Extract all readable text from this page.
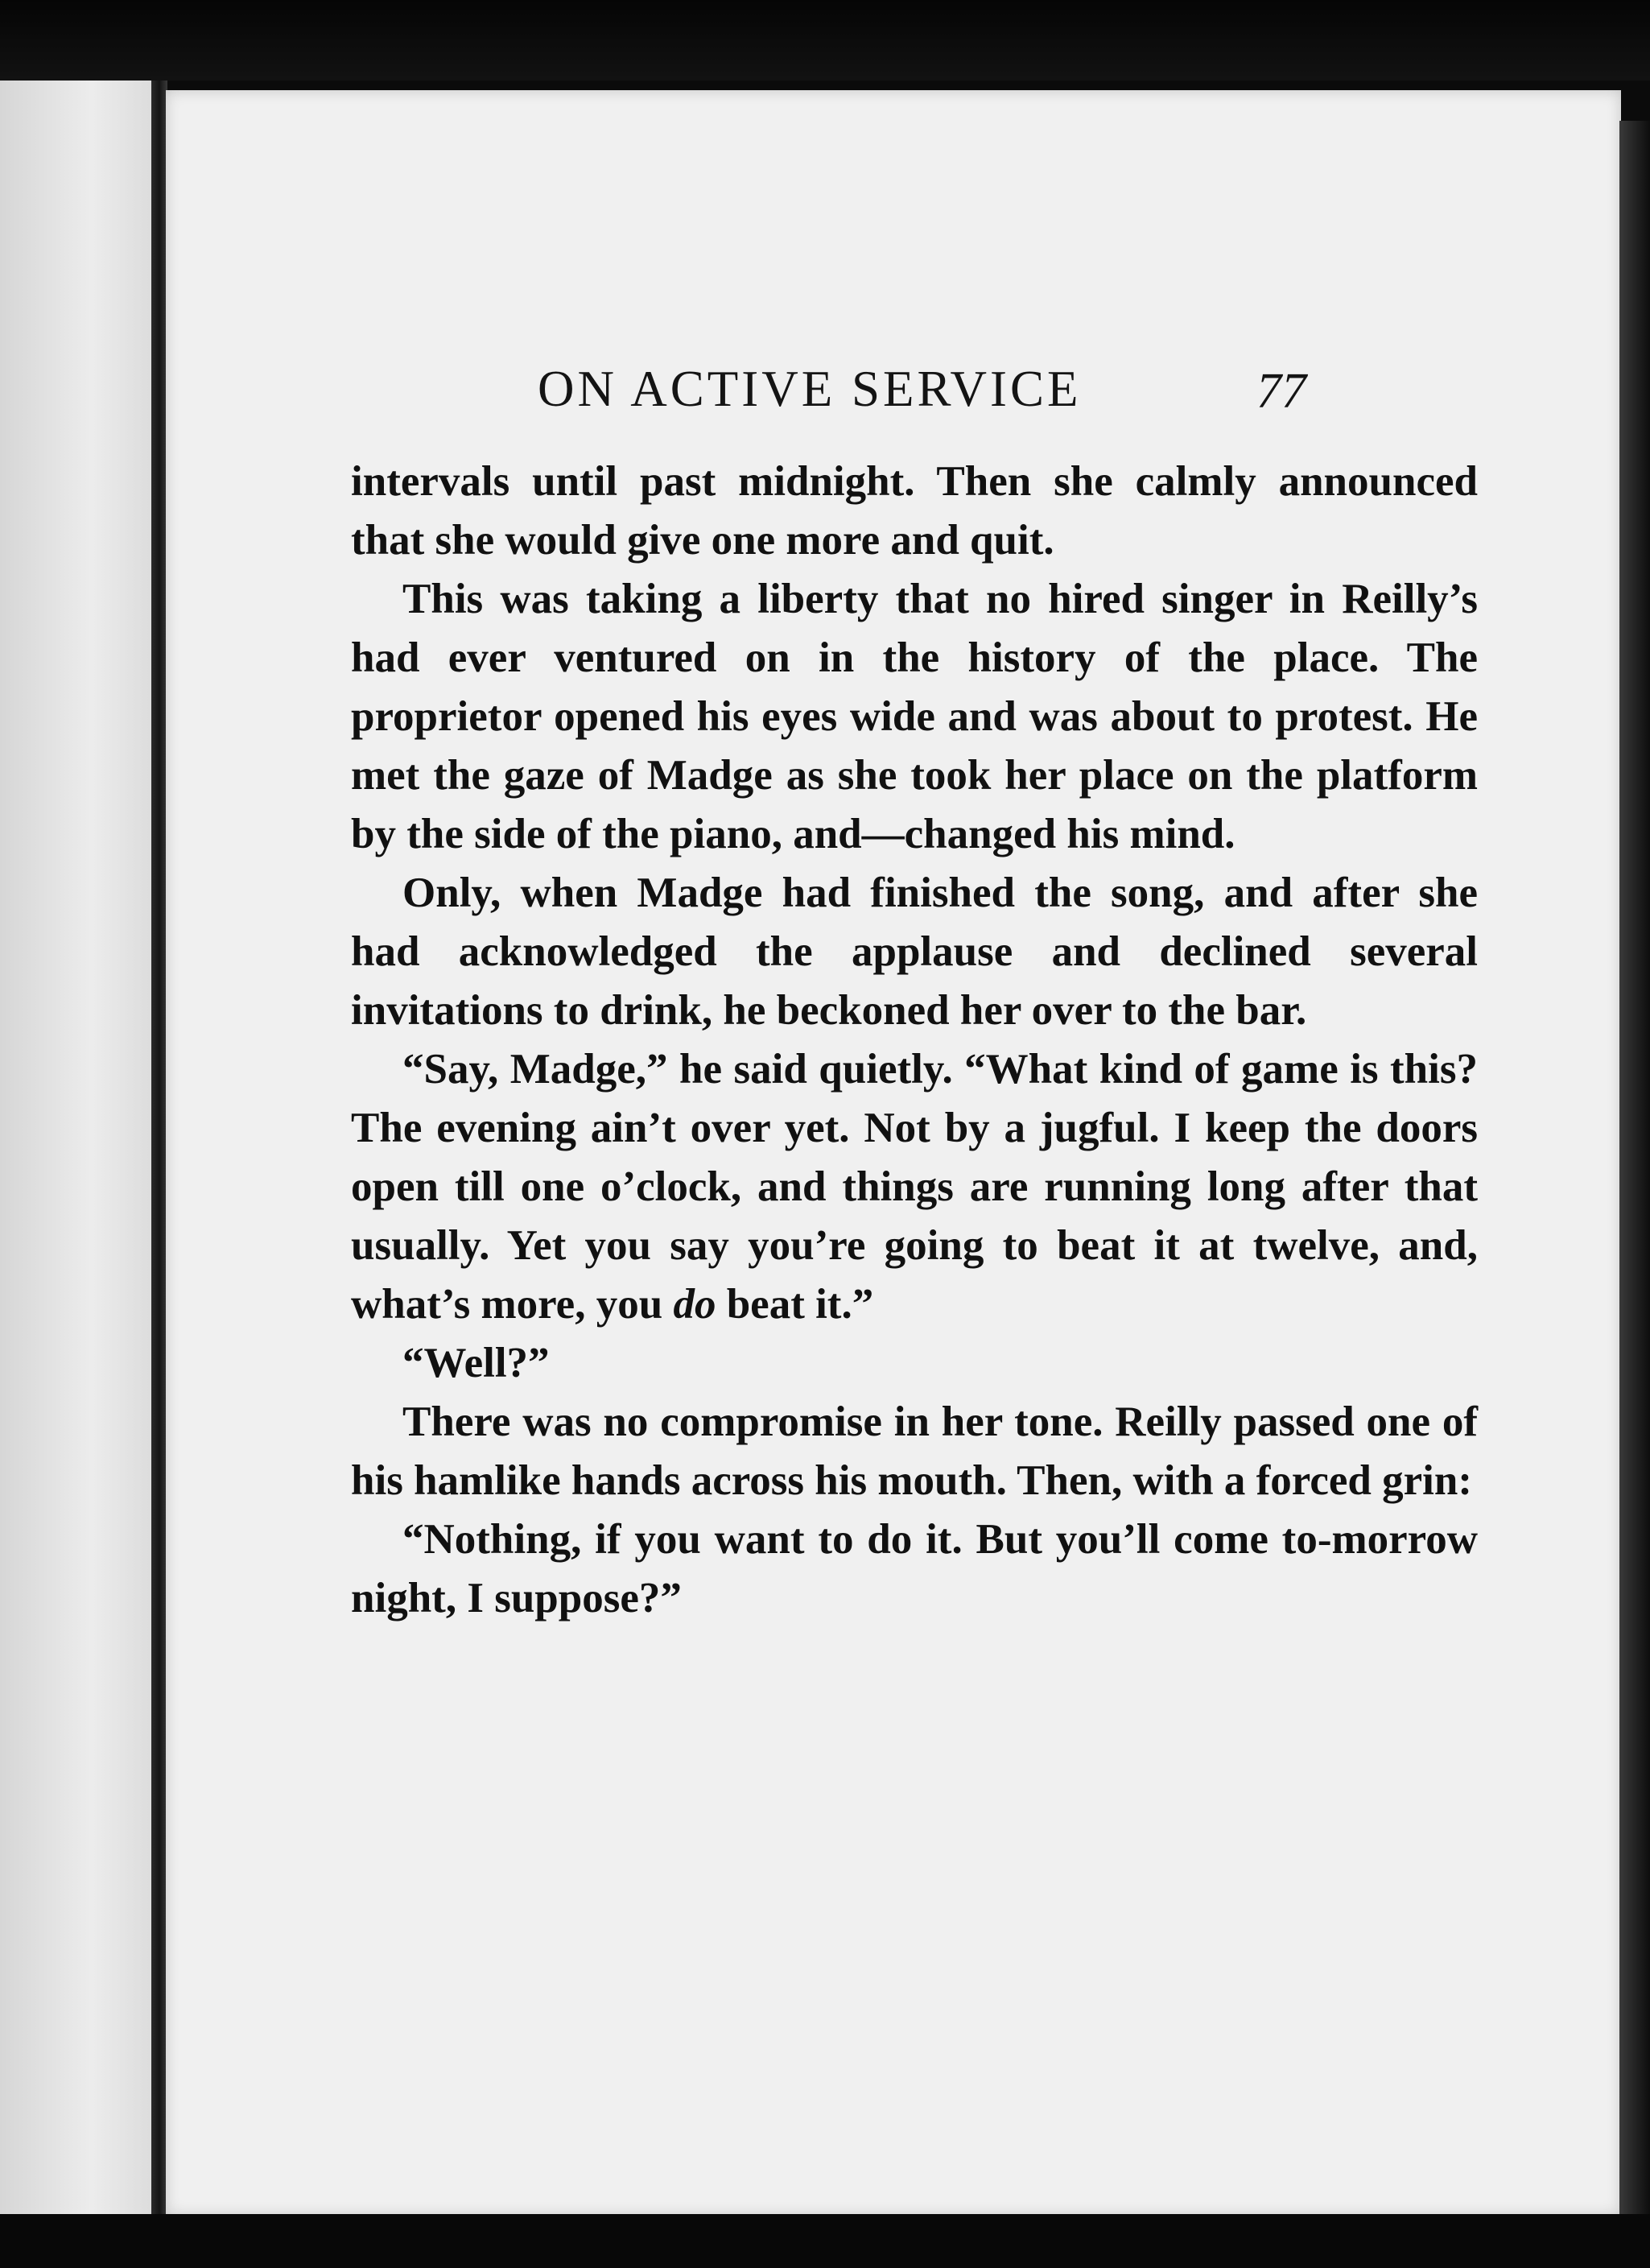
ON ACTIVE SERVICE	77

intervals until past midnight. Then she calmly announced that she would give one more and quit.

This was taking a liberty that no hired singer in Reilly’s had ever ventured on in the history of the place. The proprietor opened his eyes wide and was about to protest. He met the gaze of Madge as she took her place on the platform by the side of the piano, and—changed his mind.

Only, when Madge had finished the song, and after she had acknowledged the applause and declined several invitations to drink, he beckoned her over to the bar.

“Say, Madge,” he said quietly. “What kind of game is this? The evening ain’t over yet. Not by a jugful. I keep the doors open till one o’clock, and things are running long after that usually. Yet you say you’re going to beat it at twelve, and, what’s more, you do beat it.”

“Well?”

There was no compromise in her tone. Reilly passed one of his hamlike hands across his mouth. Then, with a forced grin:

“Nothing, if you want to do it. But you’ll come to-morrow night, I suppose?”
